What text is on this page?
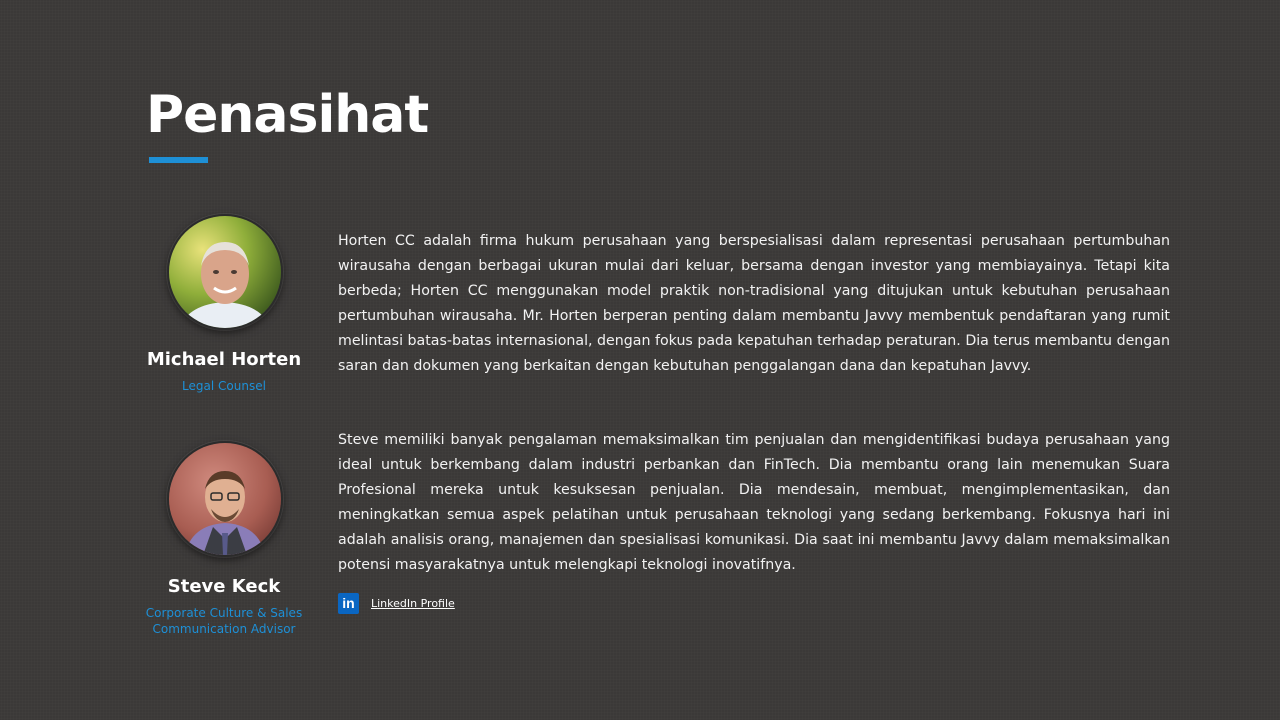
Penasihat
Michael Horten
Legal Counsel

Horten CC adalah firma hukum perusahaan yang berspesialisasi dalam representasi perusahaan pertumbuhan wirausaha dengan berbagai ukuran mulai dari keluar, bersama dengan investor yang membiayainya. Tetapi kita berbeda; Horten CC menggunakan model praktik non-tradisional yang ditujukan untuk kebutuhan perusahaan pertumbuhan wirausaha. Mr. Horten berperan penting dalam membantu Javvy membentuk pendaftaran yang rumit melintasi batas-batas internasional, dengan fokus pada kepatuhan terhadap peraturan. Dia terus membantu dengan saran dan dokumen yang berkaitan dengan kebutuhan penggalangan dana dan kepatuhan Javvy.

Steve Keck
Corporate Culture & Sales
Communication Advisor

Steve memiliki banyak pengalaman memaksimalkan tim penjualan dan mengidentifikasi budaya perusahaan yang ideal untuk berkembang dalam industri perbankan dan FinTech. Dia membantu orang lain menemukan Suara Profesional mereka untuk kesuksesan penjualan. Dia mendesain, membuat, mengimplementasikan, dan meningkatkan semua aspek pelatihan untuk perusahaan teknologi yang sedang berkembang. Fokusnya hari ini adalah analisis orang, manajemen dan spesialisasi komunikasi. Dia saat ini membantu Javvy dalam memaksimalkan potensi masyarakatnya untuk melengkapi teknologi inovatifnya.

in	LinkedIn Profile
